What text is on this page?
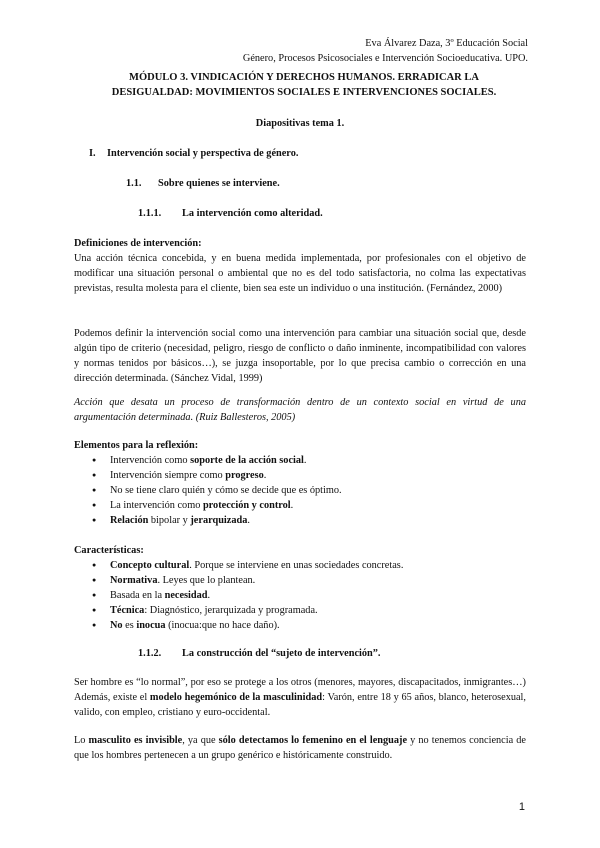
Eva Álvarez Daza, 3º Educación Social
Género, Procesos Psicosociales e Intervención Socioeducativa. UPO.
MÓDULO 3. VINDICACIÓN Y DERECHOS HUMANOS. ERRADICAR LA
DESIGUALDAD: MOVIMIENTOS SOCIALES E INTERVENCIONES SOCIALES.
Diapositivas tema 1.
I. Intervención social y perspectiva de género.
1.1. Sobre quienes se interviene.
1.1.1. La intervención como alteridad.
Definiciones de intervención:
Una acción técnica concebida, y en buena medida implementada, por profesionales con el objetivo de modificar una situación personal o ambiental que no es del todo satisfactoria, no colma las expectativas previstas, resulta molesta para el cliente, bien sea este un individuo o una institución. (Fernández, 2000)
Podemos definir la intervención social como una intervención para cambiar una situación social que, desde algún tipo de criterio (necesidad, peligro, riesgo de conflicto o daño inminente, incompatibilidad con valores y normas tenidos por básicos…), se juzga insoportable, por lo que precisa cambio o corrección en una dirección determinada. (Sánchez Vidal, 1999)
Acción que desata un proceso de transformación dentro de un contexto social en virtud de una argumentación determinada. (Ruiz Ballesteros, 2005)
Elementos para la reflexión:
● Intervención como soporte de la acción social.
● Intervención siempre como progreso.
● No se tiene claro quién y cómo se decide que es óptimo.
● La intervención como protección y control.
● Relación bipolar y jerarquizada.
Características:
● Concepto cultural. Porque se interviene en unas sociedades concretas.
● Normativa. Leyes que lo plantean.
● Basada en la necesidad.
● Técnica: Diagnóstico, jerarquizada y programada.
● No es inocua (inocua:que no hace daño).
1.1.2. La construcción del “sujeto de intervención”.
Ser hombre es “lo normal”, por eso se protege a los otros (menores, mayores, discapacitados, inmigrantes…) Además, existe el modelo hegemónico de la masculinidad: Varón, entre 18 y 65 años, blanco, heterosexual, valido, con empleo, cristiano y euro-occidental.
Lo masculito es invisible, ya que sólo detectamos lo femenino en el lenguaje y no tenemos conciencia de que los hombres pertenecen a un grupo genérico e históricamente construido.
1
